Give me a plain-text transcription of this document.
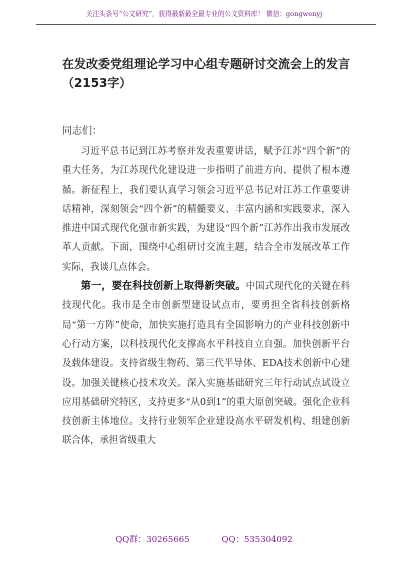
关注头条号“公文研究”，获得最新最全最专业的公文资料库！ 微信：gongwenyj
在发改委党组理论学习中心组专题研讨交流会上的发言
（2153字）
同志们：

习近平总书记到江苏考察并发表重要讲话，赋予江苏“四个新”的重大任务，为江苏现代化建设进一步指明了前进方向、提供了根本遵循。新征程上，我们要认真学习领会习近平总书记对江苏工作重要讲话精神，深刻领会“四个新”的精髓要义、丰富内涵和实践要求，深入推进中国式现代化强市新实践，为建设“四个新”江苏作出我市发展改革人贡献。下面，围绕中心组研讨交流主题，结合全市发展改革工作实际，我谈几点体会。

第一，要在科技创新上取得新突破。中国式现代化的关键在科技现代化。我市是全市创新型建设试点市，要勇担全省科技创新格局“第一方阵”使命，加快实施打造具有全国影响力的产业科技创新中心行动方案，以科技现代化支撑高水平科技自立自强。加快创新平台及载体建设。支持省级生物药、第三代半导体、EDA技术创新中心建设。加强关键核心技术攻关。深入实施基础研究三年行动试点试设立应用基础研究特区，支持更多“从0到1”的重大原创突破。强化企业科技创新主体地位。支持行业领军企业建设高水平研发机构、组建创新联合体，承担省级重大

QQ群：30265665	QQ：535304092
